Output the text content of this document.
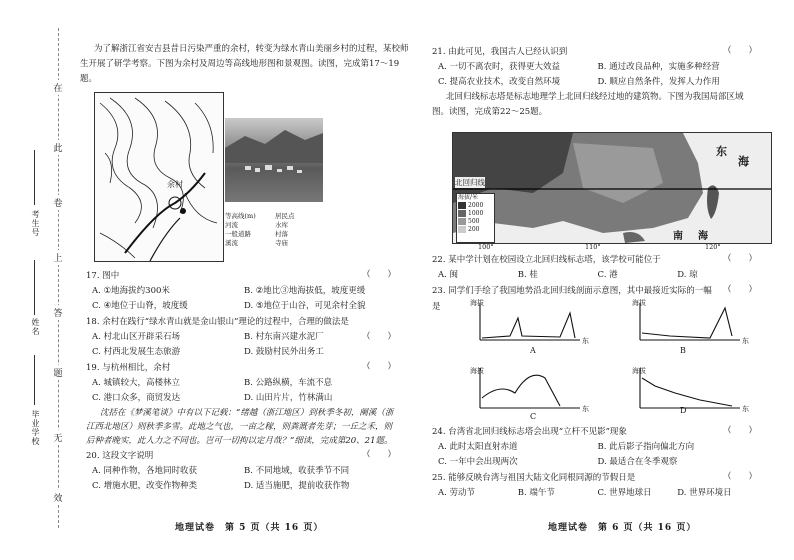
在
此
卷
上
答
题
无
效
考生号
姓名
毕业学校

为了解浙江省安吉县昔日污染严重的余村，转变为绿水青山美丽乡村的过程，某校师生开展了研学考察。下图为余村及周边等高线地形图和景观图。读图，完成第17～19题。

余村
等高线(m)	居民点
河流	水库
一般道路	村落
溪流	寺庙

17. 图中	（　　）
A. ①地海拔约300米	B. ②地比③地海拔低，坡度更缓
C. ④地位于山脊，坡度缓	D. ⑤地位于山谷，可见余村全貌

18. 余村在践行“绿水青山就是金山银山”理论的过程中，合理的做法是

（　　）
A. 村北山区开辟采石场	B. 村东南兴建水泥厂
C. 村西北发展生态旅游	D. 鼓励村民外出务工

19. 与杭州相比，余村	（　　）
A. 城镇较大，高楼林立	B. 公路纵横，车流不息
C. 港口众多，商贸发达	D. 山田片片，竹林满山

沈括在《梦溪笔谈》中有以下记载：“绪越（浙江地区）到秋季冬初，阑溪（浙江西北地区）则秋季多雪。此地之气也，一亩之稼，则粪溉者先芽；一丘之禾，则后种者晚实，此人力之不同也。岂可一切拘以定月哉？”细读，完成第20、21题。

20. 这段文字说明	（　　）
A. 同种作物，各地同时收获	B. 不同地域，收获季节不同
C. 增施水肥，改变作物种类	D. 适当施肥，提前收获作物
地理试卷　第 5 页（共 16 页）

21. 由此可见，我国古人已经认识到	（　　）
A. 一切不离农时，获得更大效益	B. 通过改良品种，实施多种经营
C. 提高农业技术，改变自然环境	D. 顺应自然条件，发挥人力作用

北回归线标志塔是标志地理学上北回归线经过地的建筑物。下图为我国局部区域图。读图，完成第22～25题。

东
海
南 海
北回归线
海拔/米
2000
1000
500
200
100°	110°	120°

22. 某中学计划在校园设立北回归线标志塔，该学校可能位于	（　　）
A. 闽	B. 桂	C. 港	D. 琼

23. 同学们手绘了我国地势沿北回归线剖面示意图，其中最接近实际的一幅是

（　　）
海拔	海拔
海拔	海拔
东	东
东	东
A	B
C
D

24. 台湾省北回归线标志塔会出现“立杆不见影”现象	（　　）
A. 此时太阳直射赤道	B. 此后影子指向偏北方向
C. 一年中会出现两次	D. 最适合在冬季观察

25. 能够反映台湾与祖国大陆文化同根同源的节假日是	（　　）
A. 劳动节	B. 端午节	C. 世界地球日	D. 世界环境日
地理试卷　第 6 页（共 16 页）
